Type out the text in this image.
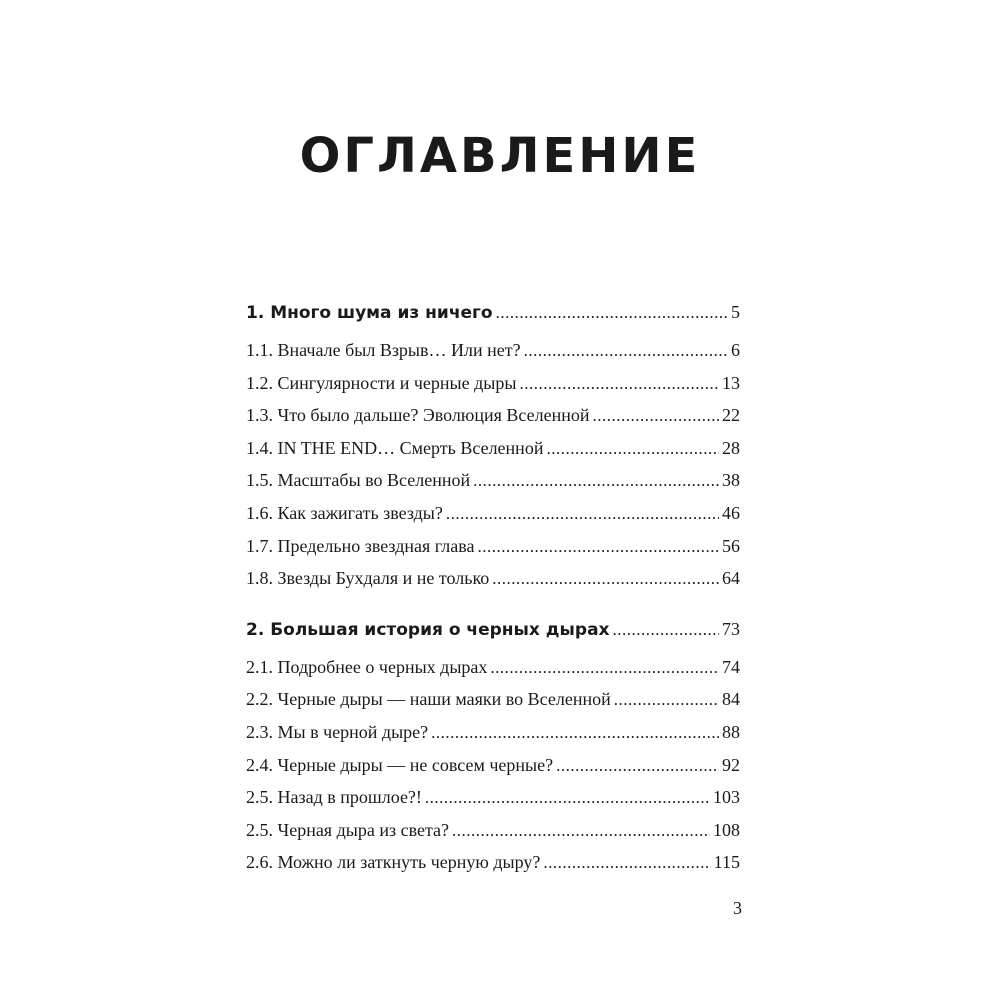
ОГЛАВЛЕНИЕ
1. Много шума из ничего .....	5
1.1. Вначале был Взрыв… Или нет? .....	6
1.2. Сингулярности и черные дыры .....	13
1.3. Что было дальше? Эволюция Вселенной .....	22
1.4. IN THE END… Смерть Вселенной .....	28
1.5. Масштабы во Вселенной .....	38
1.6. Как зажигать звезды? .....	46
1.7. Предельно звездная глава .....	56
1.8. Звезды Бухдаля и не только .....	64
2. Большая история о черных дырах .....	73
2.1. Подробнее о черных дырах .....	74
2.2. Черные дыры — наши маяки во Вселенной .....	84
2.3. Мы в черной дыре? .....	88
2.4. Черные дыры — не совсем черные? .....	92
2.5. Назад в прошлое?! .....	103
2.5. Черная дыра из света? .....	108
2.6. Можно ли заткнуть черную дыру? .....	115
3
